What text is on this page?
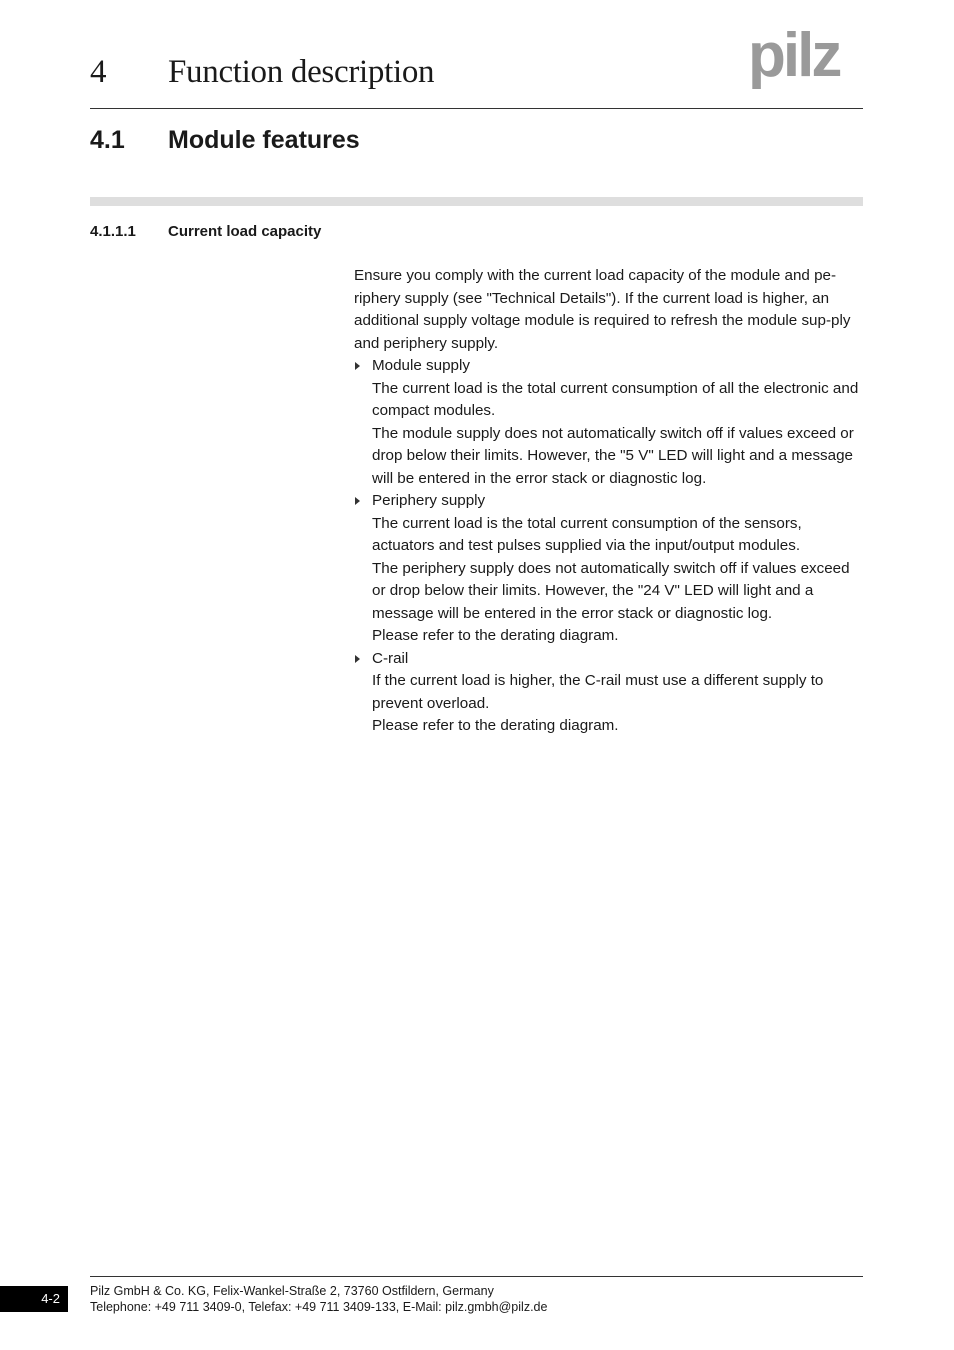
4 Function description	pilz
4.1 Module features
4.1.1.1 Current load capacity

Ensure you comply with the current load capacity of the module and pe-riphery supply (see "Technical Details"). If the current load is higher, an additional supply voltage module is required to refresh the module sup-ply and periphery supply.

Module supply

The current load is the total current consumption of all the electronic and compact modules.

The module supply does not automatically switch off if values exceed or drop below their limits. However, the "5 V" LED will light and a message will be entered in the error stack or diagnostic log.

Periphery supply

The current load is the total current consumption of the sensors, actuators and test pulses supplied via the input/output modules.

The periphery supply does not automatically switch off if values exceed or drop below their limits. However, the "24 V" LED will light and a message will be entered in the error stack or diagnostic log.

Please refer to the derating diagram.

C-rail

If the current load is higher, the C-rail must use a different supply to prevent overload.

Please refer to the derating diagram.

4-2	Pilz GmbH & Co. KG, Felix-Wankel-Straße 2, 73760 Ostfildern, Germany
Telephone: +49 711 3409-0, Telefax: +49 711 3409-133, E-Mail: pilz.gmbh@pilz.de
